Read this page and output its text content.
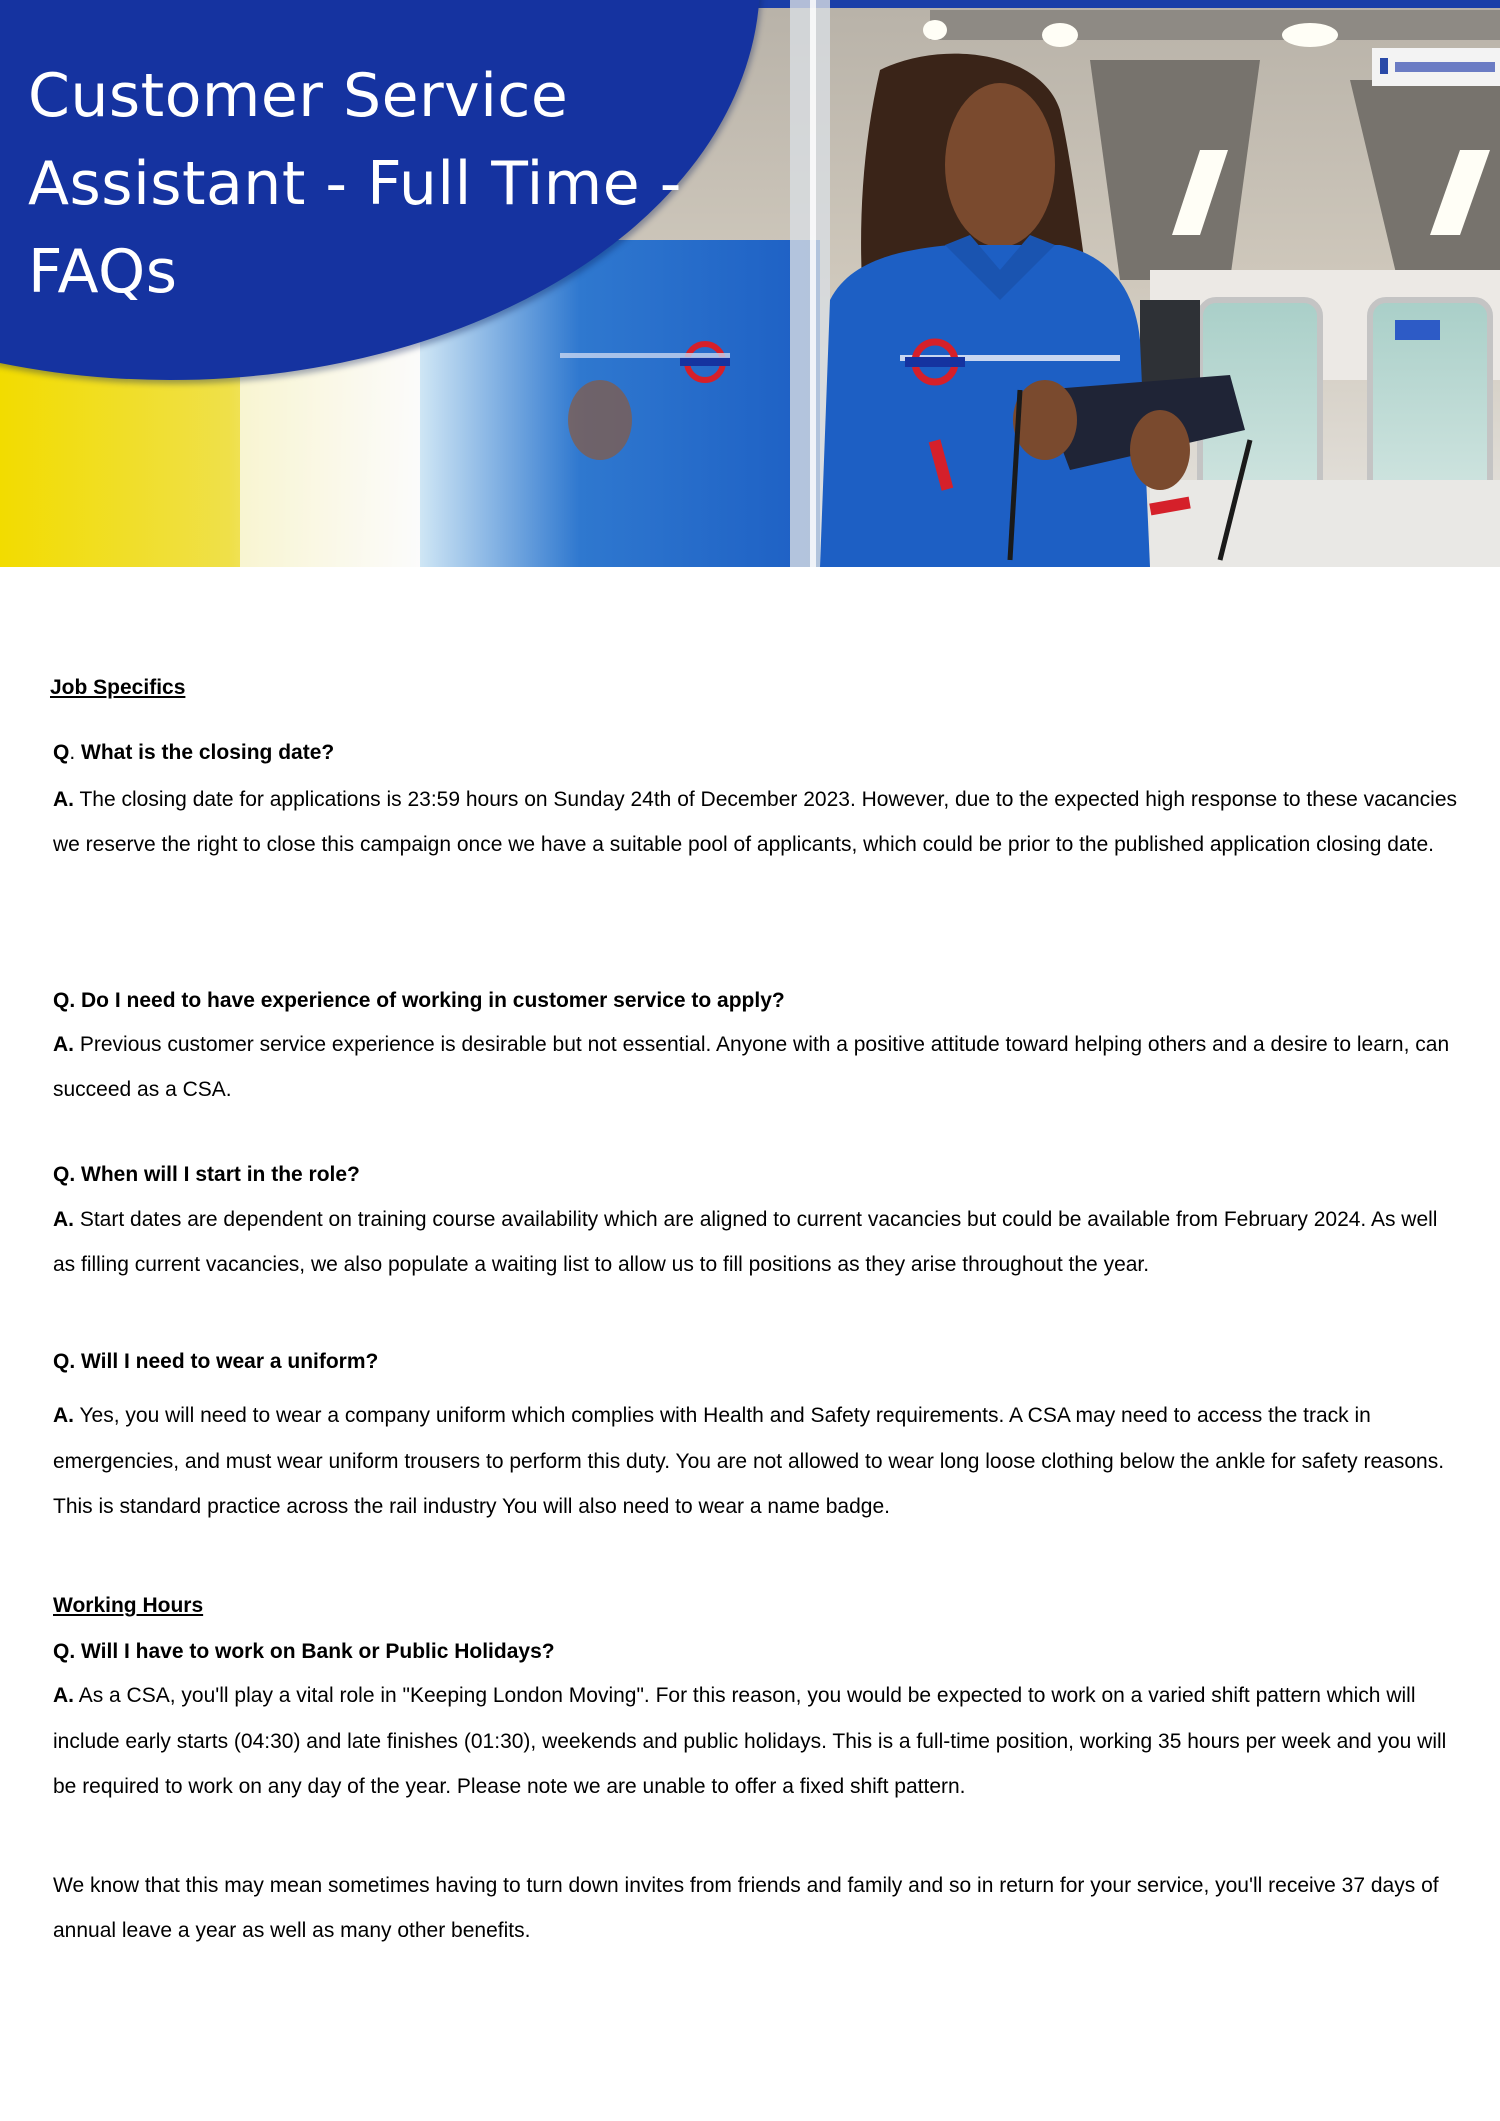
Customer Service
Assistant - Full Time -
FAQs
Job Specifics
Q. What is the closing date?
A. The closing date for applications is 23:59 hours on Sunday 24th of December 2023. However, due to the expected high response to these vacancies we reserve the right to close this campaign once we have a suitable pool of applicants, which could be prior to the published application closing date.
Q. Do I need to have experience of working in customer service to apply?
A. Previous customer service experience is desirable but not essential. Anyone with a positive attitude toward helping others and a desire to learn, can succeed as a CSA.
Q. When will I start in the role?
A. Start dates are dependent on training course availability which are aligned to current vacancies but could be available from February 2024. As well as filling current vacancies, we also populate a waiting list to allow us to fill positions as they arise throughout the year.
Q. Will I need to wear a uniform?
A. Yes, you will need to wear a company uniform which complies with Health and Safety requirements. A CSA may need to access the track in emergencies, and must wear uniform trousers to perform this duty. You are not allowed to wear long loose clothing below the ankle for safety reasons. This is standard practice across the rail industry You will also need to wear a name badge.
Working Hours
Q. Will I have to work on Bank or Public Holidays?
A. As a CSA, you'll play a vital role in "Keeping London Moving". For this reason, you would be expected to work on a varied shift pattern which will include early starts (04:30) and late finishes (01:30), weekends and public holidays. This is a full-time position, working 35 hours per week and you will be required to work on any day of the year. Please note we are unable to offer a fixed shift pattern.
We know that this may mean sometimes having to turn down invites from friends and family and so in return for your service, you'll receive 37 days of annual leave a year as well as many other benefits.
